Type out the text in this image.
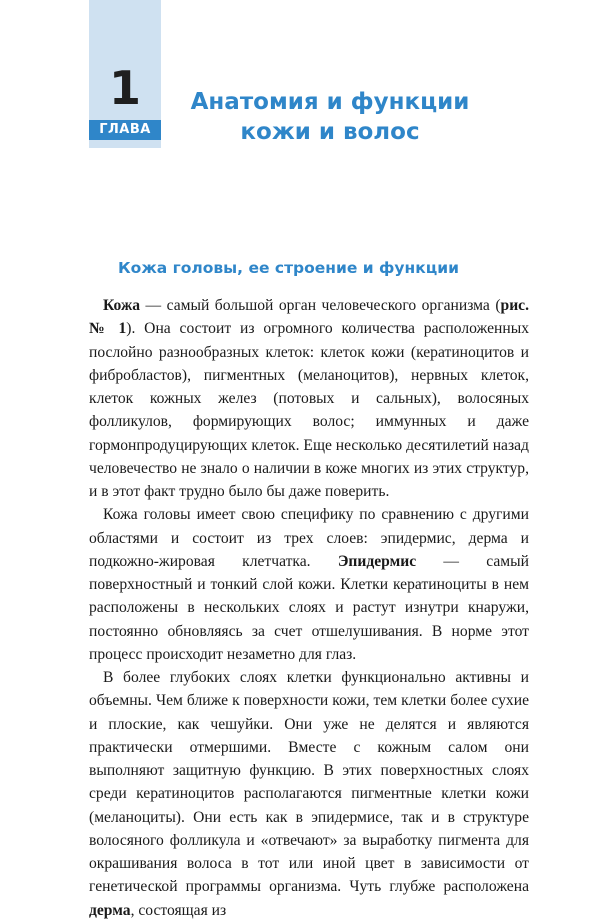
1
ГЛАВА
Анатомия и функции кожи и волос
Кожа головы, ее строение и функции

Кожа — самый большой орган человеческого организма (рис. № 1). Она состоит из огромного количества расположенных послойно разнообразных клеток: клеток кожи (кератиноцитов и фибробластов), пигментных (меланоцитов), нервных клеток, клеток кожных желез (потовых и сальных), волосяных фолликулов, формирующих волос; иммунных и даже гормонпродуцирующих клеток. Еще несколько десятилетий назад человечество не знало о наличии в коже многих из этих структур, и в этот факт трудно было бы даже поверить.

Кожа головы имеет свою специфику по сравнению с другими областями и состоит из трех слоев: эпидермис, дерма и подкожно-жировая клетчатка. Эпидермис — самый поверхностный и тонкий слой кожи. Клетки кератиноциты в нем расположены в нескольких слоях и растут изнутри кнаружи, постоянно обновляясь за счет отшелушивания. В норме этот процесс происходит незаметно для глаз.

В более глубоких слоях клетки функционально активны и объемны. Чем ближе к поверхности кожи, тем клетки более сухие и плоские, как чешуйки. Они уже не делятся и являются практически отмершими. Вместе с кожным салом они выполняют защитную функцию. В этих поверхностных слоях среди кератиноцитов располагаются пигментные клетки кожи (меланоциты). Они есть как в эпидермисе, так и в структуре волосяного фолликула и «отвечают» за выработку пигмента для окрашивания волоса в тот или иной цвет в зависимости от генетической программы организма. Чуть глубже расположена дерма, состоящая из
